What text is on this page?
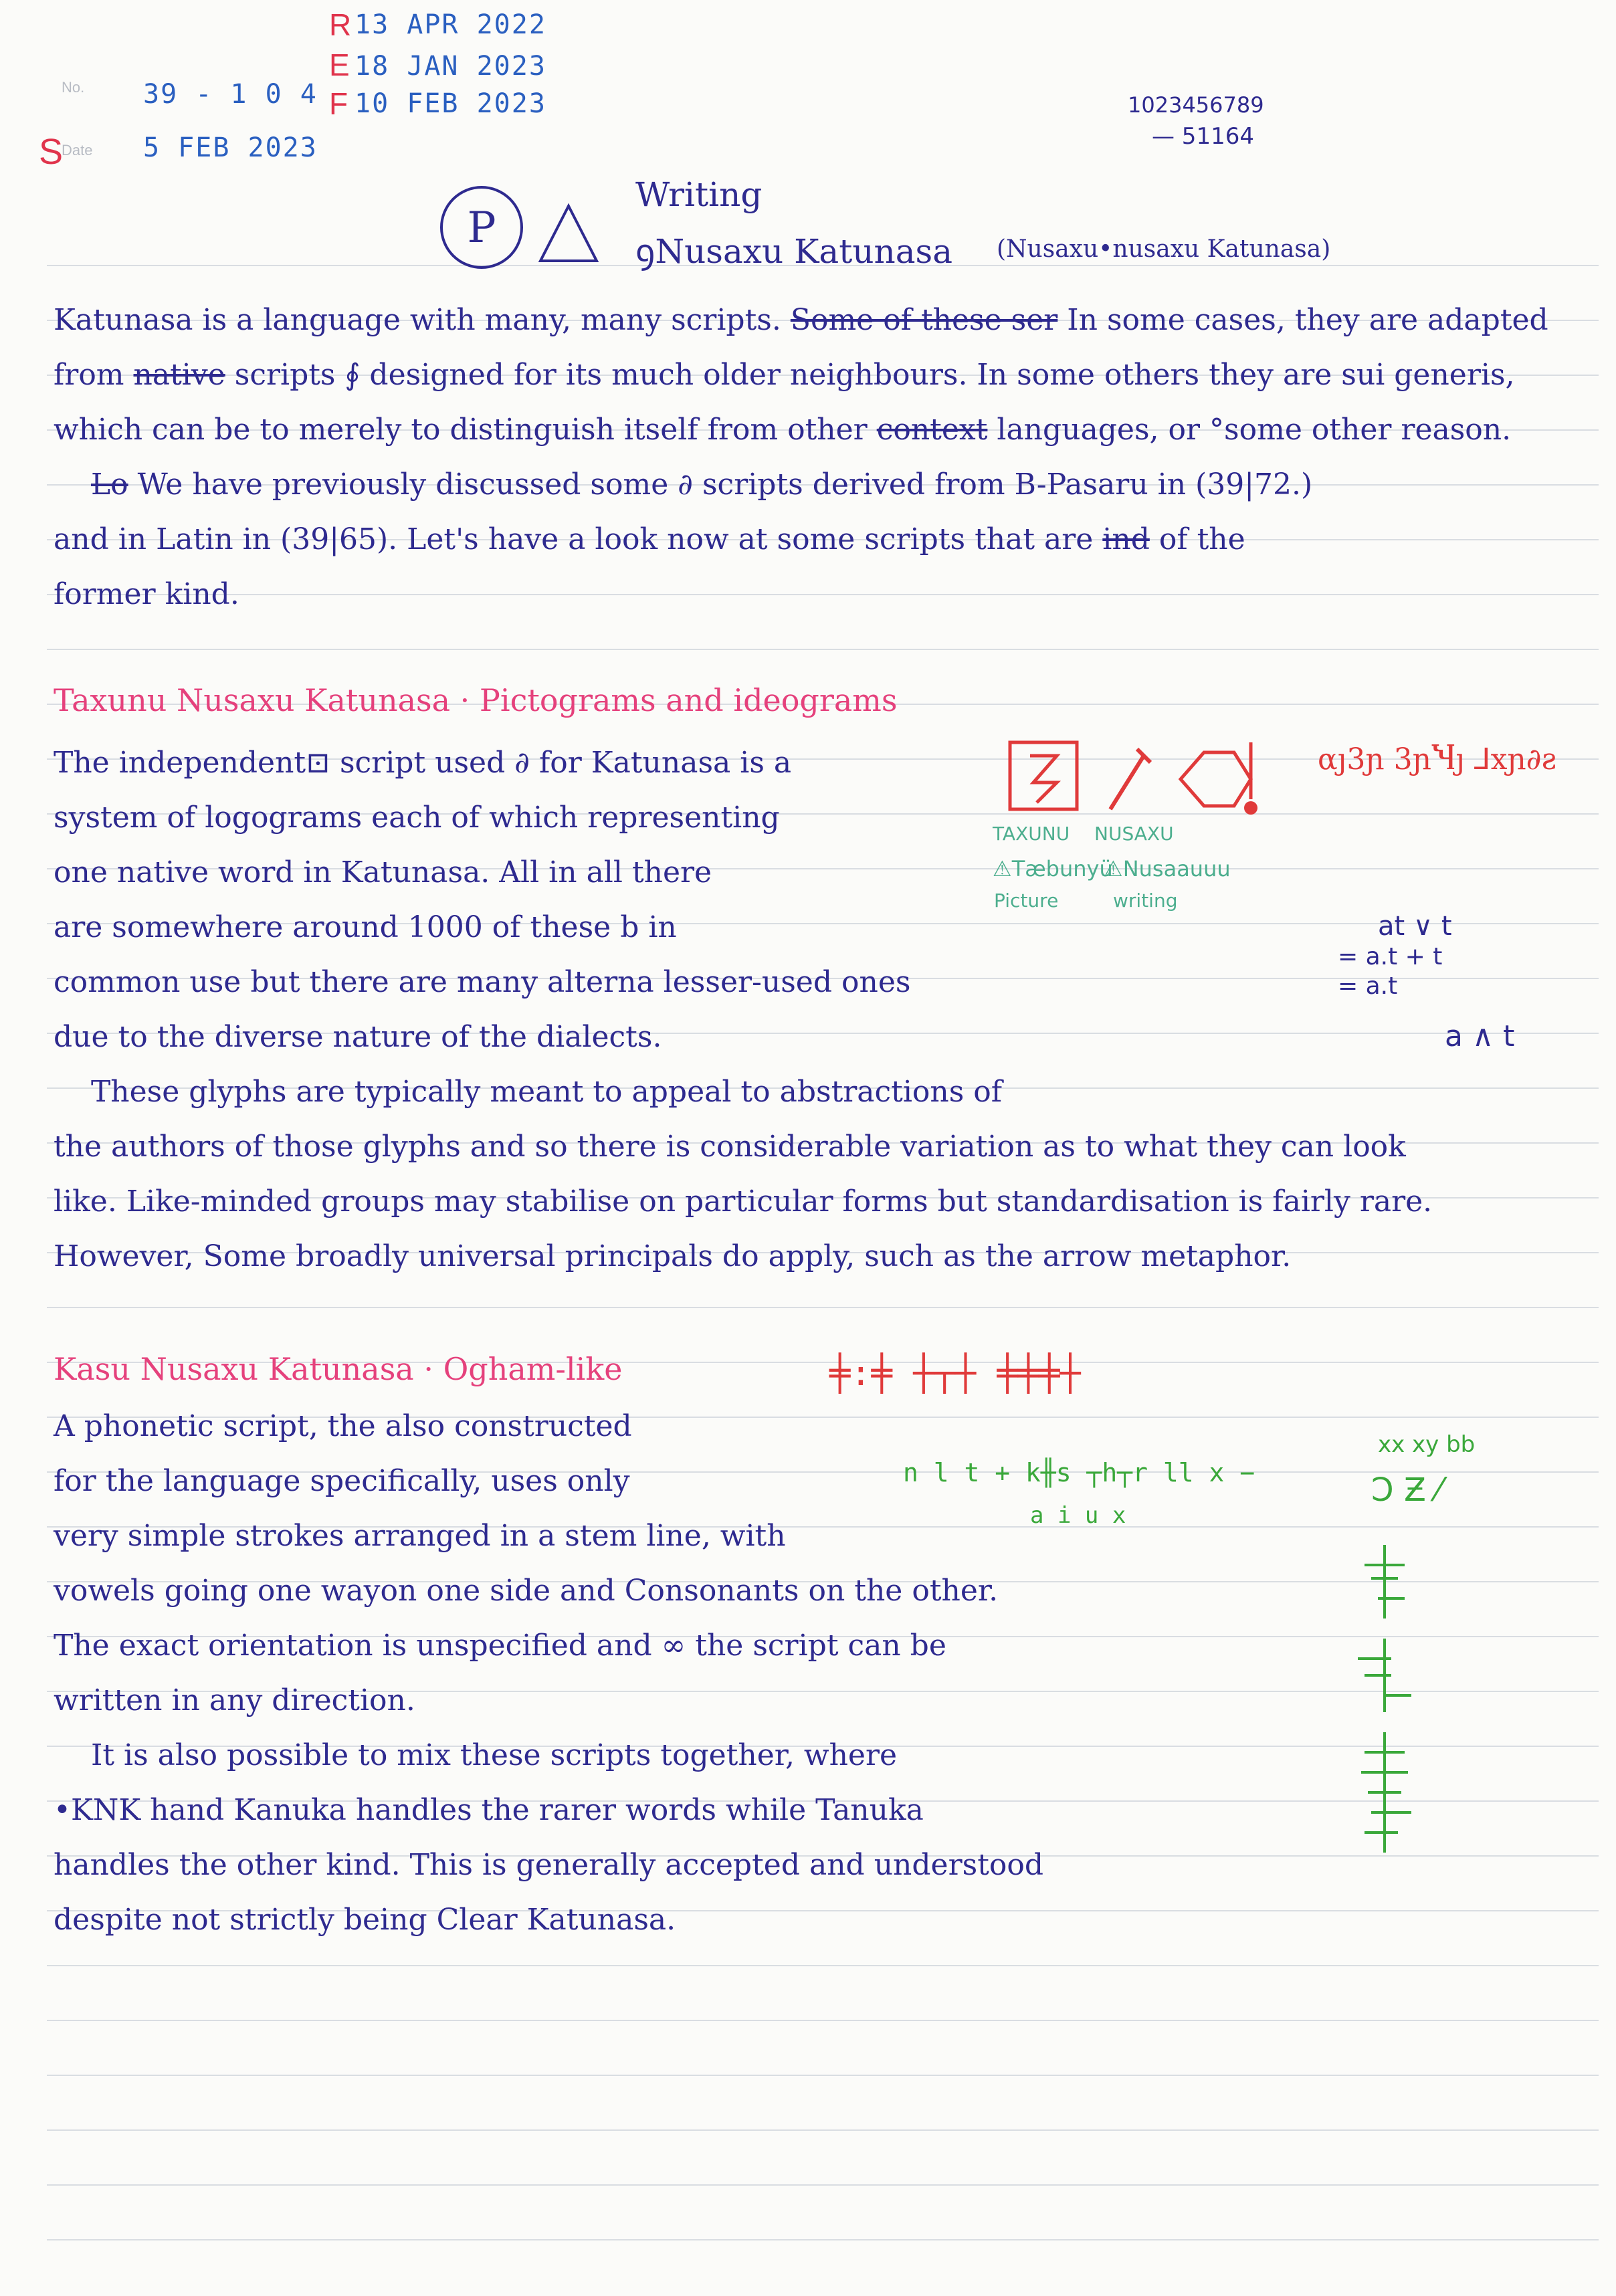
No.
S
Date
39 - 1 0 4
5 FEB 2023
R
E
F
13 APR 2022
18 JAN 2023
10 FEB 2023	1023456789
— 51164
P
Writing
ꝯNusaxu Katunasa (Nusaxu•nusaxu Katunasa)
Katunasa is a language with many, many scripts. Some of these ser In some cases, they are adapted
from native scripts ∮ designed for its much older neighbours. In some others they are sui generis,
which can be to merely to distinguish itself from other context languages, or °some other reason.
Lo We have previously discussed some ∂ scripts derived from B-Pasaru in (39|72.)
and in Latin in (39|65). Let's have a look now at some scripts that are ind of the
former kind.
Taxunu Nusaxu Katunasa · Pictograms and ideograms
The independent⊡ script used ∂ for Katunasa is a
system of logograms each of which representing
one native word in Katunasa. All in all there
are somewhere around 1000 of these b in
common use but there are many alterna lesser-used ones
due to the diverse nature of the dialects.
These glyphs are typically meant to appeal to abstractions of
the authors of those glyphs and so there is considerable variation as to what they can look
like. Like-minded groups may stabilise on particular forms but standardisation is fairly rare.
However, Some broadly universal principals do apply, such as the arrow metaphor.
αȷ3ɲ 3ɲႯȷ ⅃xɲ∂ƨ
TAXUNU NUSAXU
⚠Tæbunyü
⚠Nusaauuu
Picture	writing
at ∨ t
= a.t + t
= a.t
a ∧ t
Kasu Nusaxu Katunasa · Ogham-like
A phonetic script, the also constructed
for the language specifically, uses only
very simple strokes arranged in a stem line, with
vowels going one wayon one side and Consonants on the other.
The exact orientation is unspecified and ∞ the script can be
written in any direction.
It is also possible to mix these scripts together, where
•KNK hand Kanuka handles the rarer words while Tanuka
handles the other kind. This is generally accepted and understood
despite not strictly being Clear Katunasa.
╪:╪ ┼┬┼ ╪╪╪┼
n l t + k╫s ┬h┬r ll x −
a i u x
xx xy bb
Ͻ Ƶ ⁄
